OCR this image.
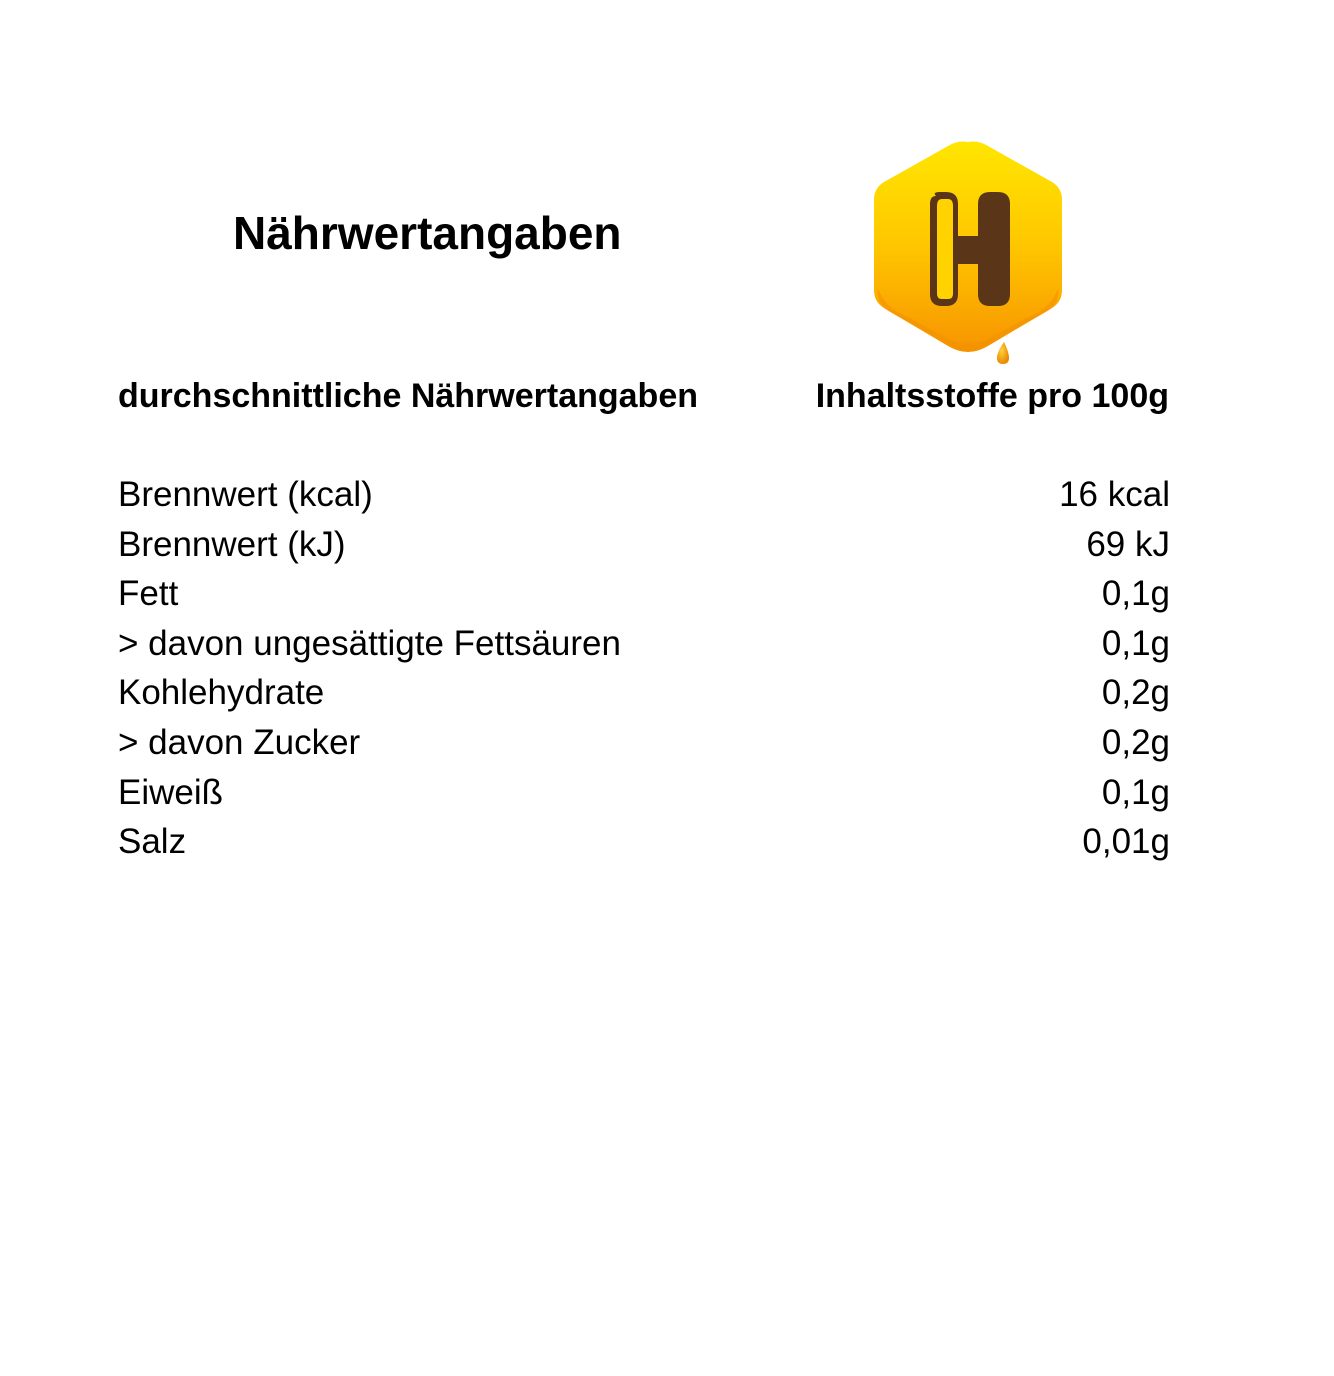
Nährwertangaben
durchschnittliche Nährwertangaben	Inhaltsstoffe pro 100g
Brennwert (kcal)	16 kcal
Brennwert (kJ)	69 kJ
Fett	0,1g
> davon ungesättigte Fettsäuren	0,1g
Kohlehydrate	0,2g
> davon Zucker	0,2g
Eiweiß	0,1g
Salz	0,01g
